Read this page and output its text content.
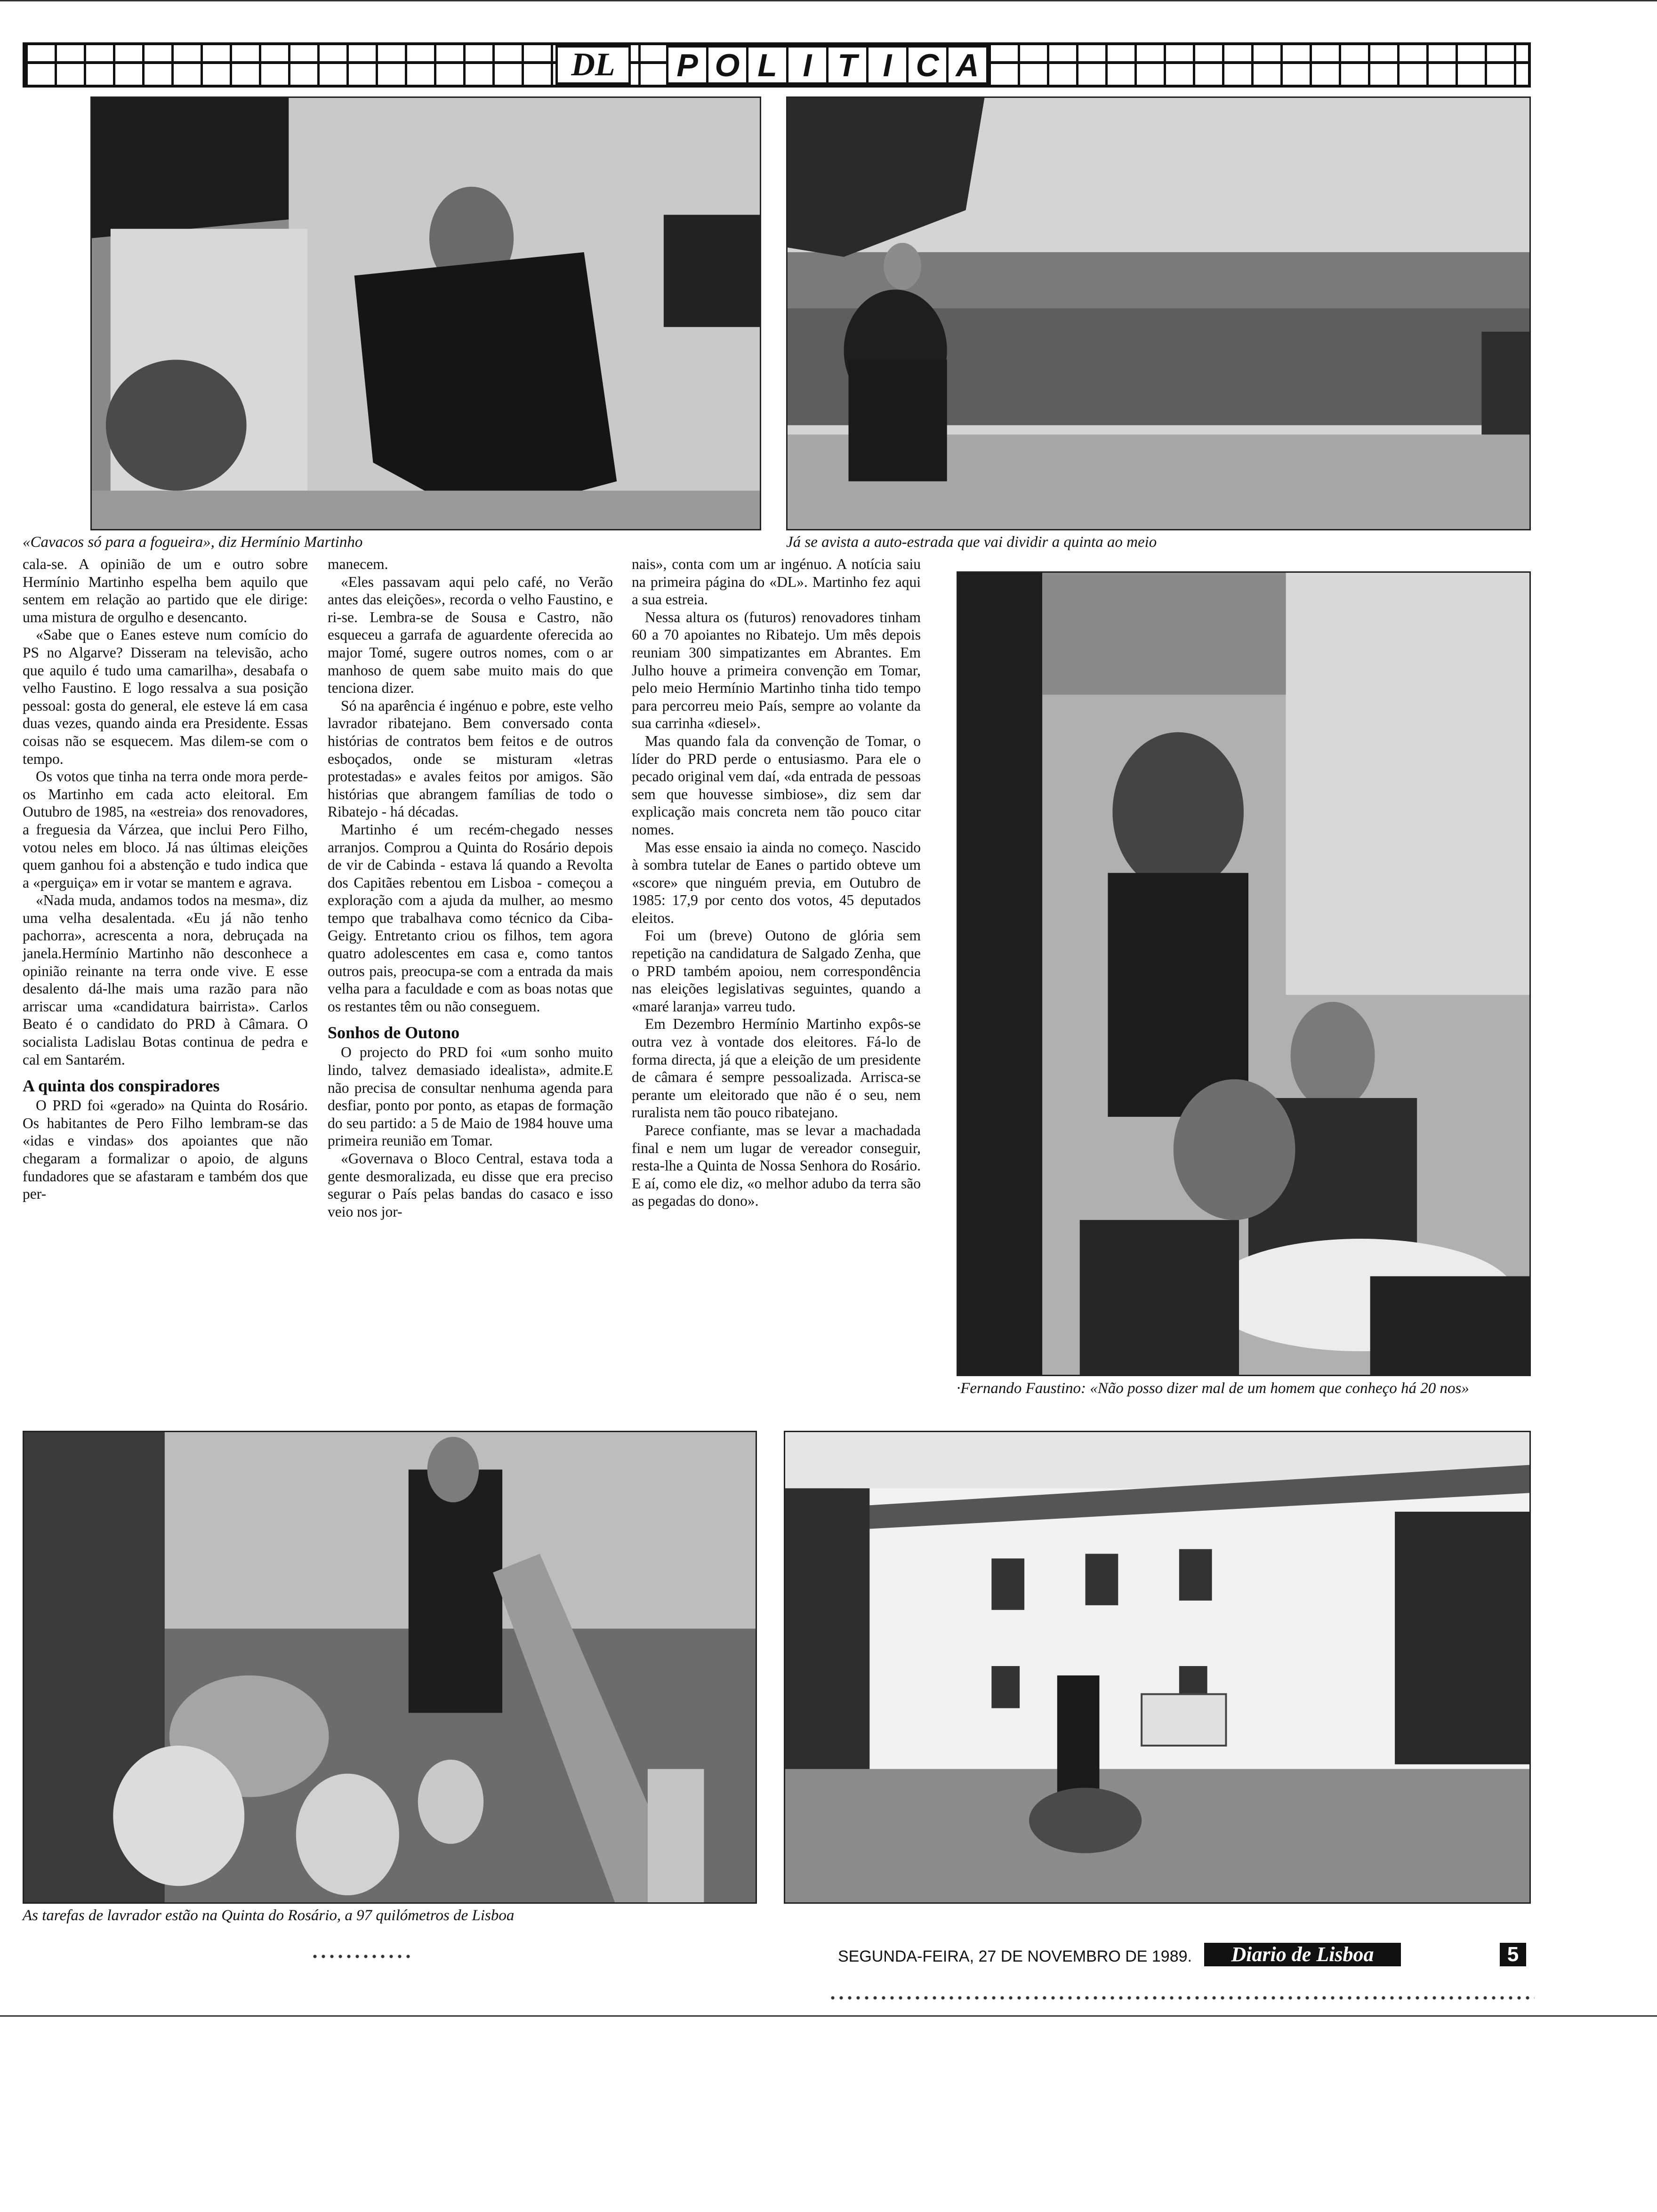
DL	P O L I T I C A
«Cavacos só para a fogueira», diz Hermínio Martinho	Já se avista a auto-estrada que vai dividir a quinta ao meio
·Fernando Faustino: «Não posso dizer mal de um homem que conheço há 20 nos»
As tarefas de lavrador estão na Quinta do Rosário, a 97 quilómetros de Lisboa

cala-se. A opinião de um e outro sobre Hermínio Martinho espelha bem aquilo que sentem em relação ao partido que ele dirige: uma mistura de orgulho e desencanto.

«Sabe que o Eanes esteve num comício do PS no Algarve? Disseram na televisão, acho que aquilo é tudo uma camarilha», desabafa o velho Faustino. E logo ressalva a sua posição pessoal: gosta do general, ele esteve lá em casa duas vezes, quando ainda era Presidente. Essas coisas não se esquecem. Mas dilem-se com o tempo.

Os votos que tinha na terra onde mora perde-os Martinho em cada acto eleitoral. Em Outubro de 1985, na «estreia» dos renovadores, a freguesia da Várzea, que inclui Pero Filho, votou neles em bloco. Já nas últimas eleições quem ganhou foi a abstenção e tudo indica que a «perguiça» em ir votar se mantem e agrava.

«Nada muda, andamos todos na mesma», diz uma velha desalentada. «Eu já não tenho pachorra», acrescenta a nora, debruçada na janela.Hermínio Martinho não desconhece a opinião reinante na terra onde vive. E esse desalento dá-lhe mais uma razão para não arriscar uma «candidatura bairrista». Carlos Beato é o candidato do PRD à Câmara. O socialista Ladislau Botas continua de pedra e cal em Santarém.

A quinta dos conspiradores

O PRD foi «gerado» na Quinta do Rosário. Os habitantes de Pero Filho lembram-se das «idas e vindas» dos apoiantes que não chegaram a formalizar o apoio, de alguns fundadores que se afastaram e também dos que per-

manecem.

«Eles passavam aqui pelo café, no Verão antes das eleições», recorda o velho Faustino, e ri-se. Lembra-se de Sousa e Castro, não esqueceu a garrafa de aguardente oferecida ao major Tomé, sugere outros nomes, com o ar manhoso de quem sabe muito mais do que tenciona dizer.

Só na aparência é ingénuo e pobre, este velho lavrador ribatejano. Bem conversado conta histórias de contratos bem feitos e de outros esboçados, onde se misturam «letras protestadas» e avales feitos por amigos. São histórias que abrangem famílias de todo o Ribatejo - há décadas.

Martinho é um recém-chegado nesses arranjos. Comprou a Quinta do Rosário depois de vir de Cabinda - estava lá quando a Revolta dos Capitães rebentou em Lisboa - começou a exploração com a ajuda da mulher, ao mesmo tempo que trabalhava como técnico da Ciba-Geigy. Entretanto criou os filhos, tem agora quatro adolescentes em casa e, como tantos outros pais, preocupa-se com a entrada da mais velha para a faculdade e com as boas notas que os restantes têm ou não conseguem.

Sonhos de Outono

O projecto do PRD foi «um sonho muito lindo, talvez demasiado idealista», admite.E não precisa de consultar nenhuma agenda para desfiar, ponto por ponto, as etapas de formação do seu partido: a 5 de Maio de 1984 houve uma primeira reunião em Tomar.

«Governava o Bloco Central, estava toda a gente desmoralizada, eu disse que era preciso segurar o País pelas bandas do casaco e isso veio nos jor-

nais», conta com um ar ingénuo. A notícia saiu na primeira página do «DL». Martinho fez aqui a sua estreia.

Nessa altura os (futuros) renovadores tinham 60 a 70 apoiantes no Ribatejo. Um mês depois reuniam 300 simpatizantes em Abrantes. Em Julho houve a primeira convenção em Tomar, pelo meio Hermínio Martinho tinha tido tempo para percorreu meio País, sempre ao volante da sua carrinha «diesel».

Mas quando fala da convenção de Tomar, o líder do PRD perde o entusiasmo. Para ele o pecado original vem daí, «da entrada de pessoas sem que houvesse simbiose», diz sem dar explicação mais concreta nem tão pouco citar nomes.

Mas esse ensaio ia ainda no começo. Nascido à sombra tutelar de Eanes o partido obteve um «score» que ninguém previa, em Outubro de 1985: 17,9 por cento dos votos, 45 deputados eleitos.

Foi um (breve) Outono de glória sem repetição na candidatura de Salgado Zenha, que o PRD também apoiou, nem correspondência nas eleições legislativas seguintes, quando a «maré laranja» varreu tudo.

Em Dezembro Hermínio Martinho expôs-se outra vez à vontade dos eleitores. Fá-lo de forma directa, já que a eleição de um presidente de câmara é sempre pessoalizada. Arrisca-se perante um eleitorado que não é o seu, nem ruralista nem tão pouco ribatejano.

Parece confiante, mas se levar a machadada final e nem um lugar de vereador conseguir, resta-lhe a Quinta de Nossa Senhora do Rosário. E aí, como ele diz, «o melhor adubo da terra são as pegadas do dono».

SEGUNDA-FEIRA, 27 DE NOVEMBRO DE 1989.	Diario de Lisboa	5
